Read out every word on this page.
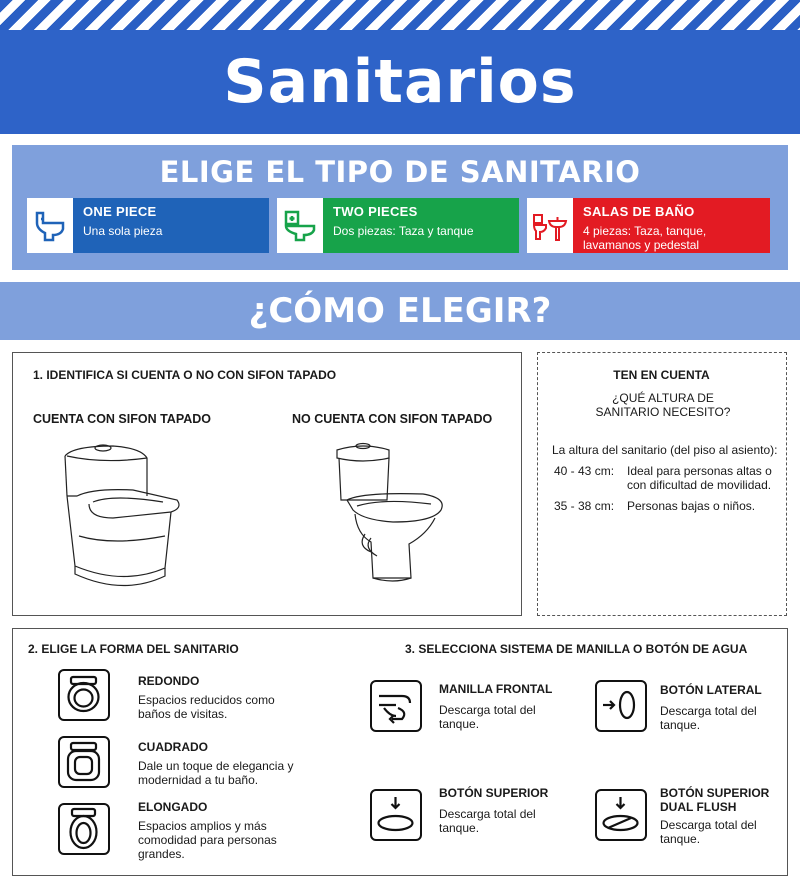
Sanitarios
ELIGE EL TIPO DE SANITARIO
ONE PIECE
Una sola pieza
TWO PIECES
Dos piezas: Taza y tanque
SALAS DE BAÑO
4 piezas: Taza, tanque, lavamanos y pedestal
¿CÓMO ELEGIR?
1. IDENTIFICA SI CUENTA O NO CON SIFON TAPADO
CUENTA CON SIFON TAPADO	NO CUENTA CON SIFON TAPADO
TEN EN CUENTA
¿QUÉ ALTURA DE SANITARIO NECESITO?
La altura del sanitario (del piso al asiento):
40 - 43 cm: Ideal para personas altas o con dificultad de movilidad.
35 - 38 cm: Personas bajas o niños.
2. ELIGE LA FORMA DEL SANITARIO	3. SELECCIONA SISTEMA DE MANILLA O BOTÓN DE AGUA
REDONDO
Espacios reducidos como baños de visitas.
CUADRADO
Dale un toque de elegancia y modernidad a tu baño.
ELONGADO
Espacios amplios y más comodidad para personas grandes.
MANILLA FRONTAL
Descarga total del tanque.
BOTÓN LATERAL
Descarga total del tanque.
BOTÓN SUPERIOR
Descarga total del tanque.
BOTÓN SUPERIOR DUAL FLUSH
Descarga total del tanque.
